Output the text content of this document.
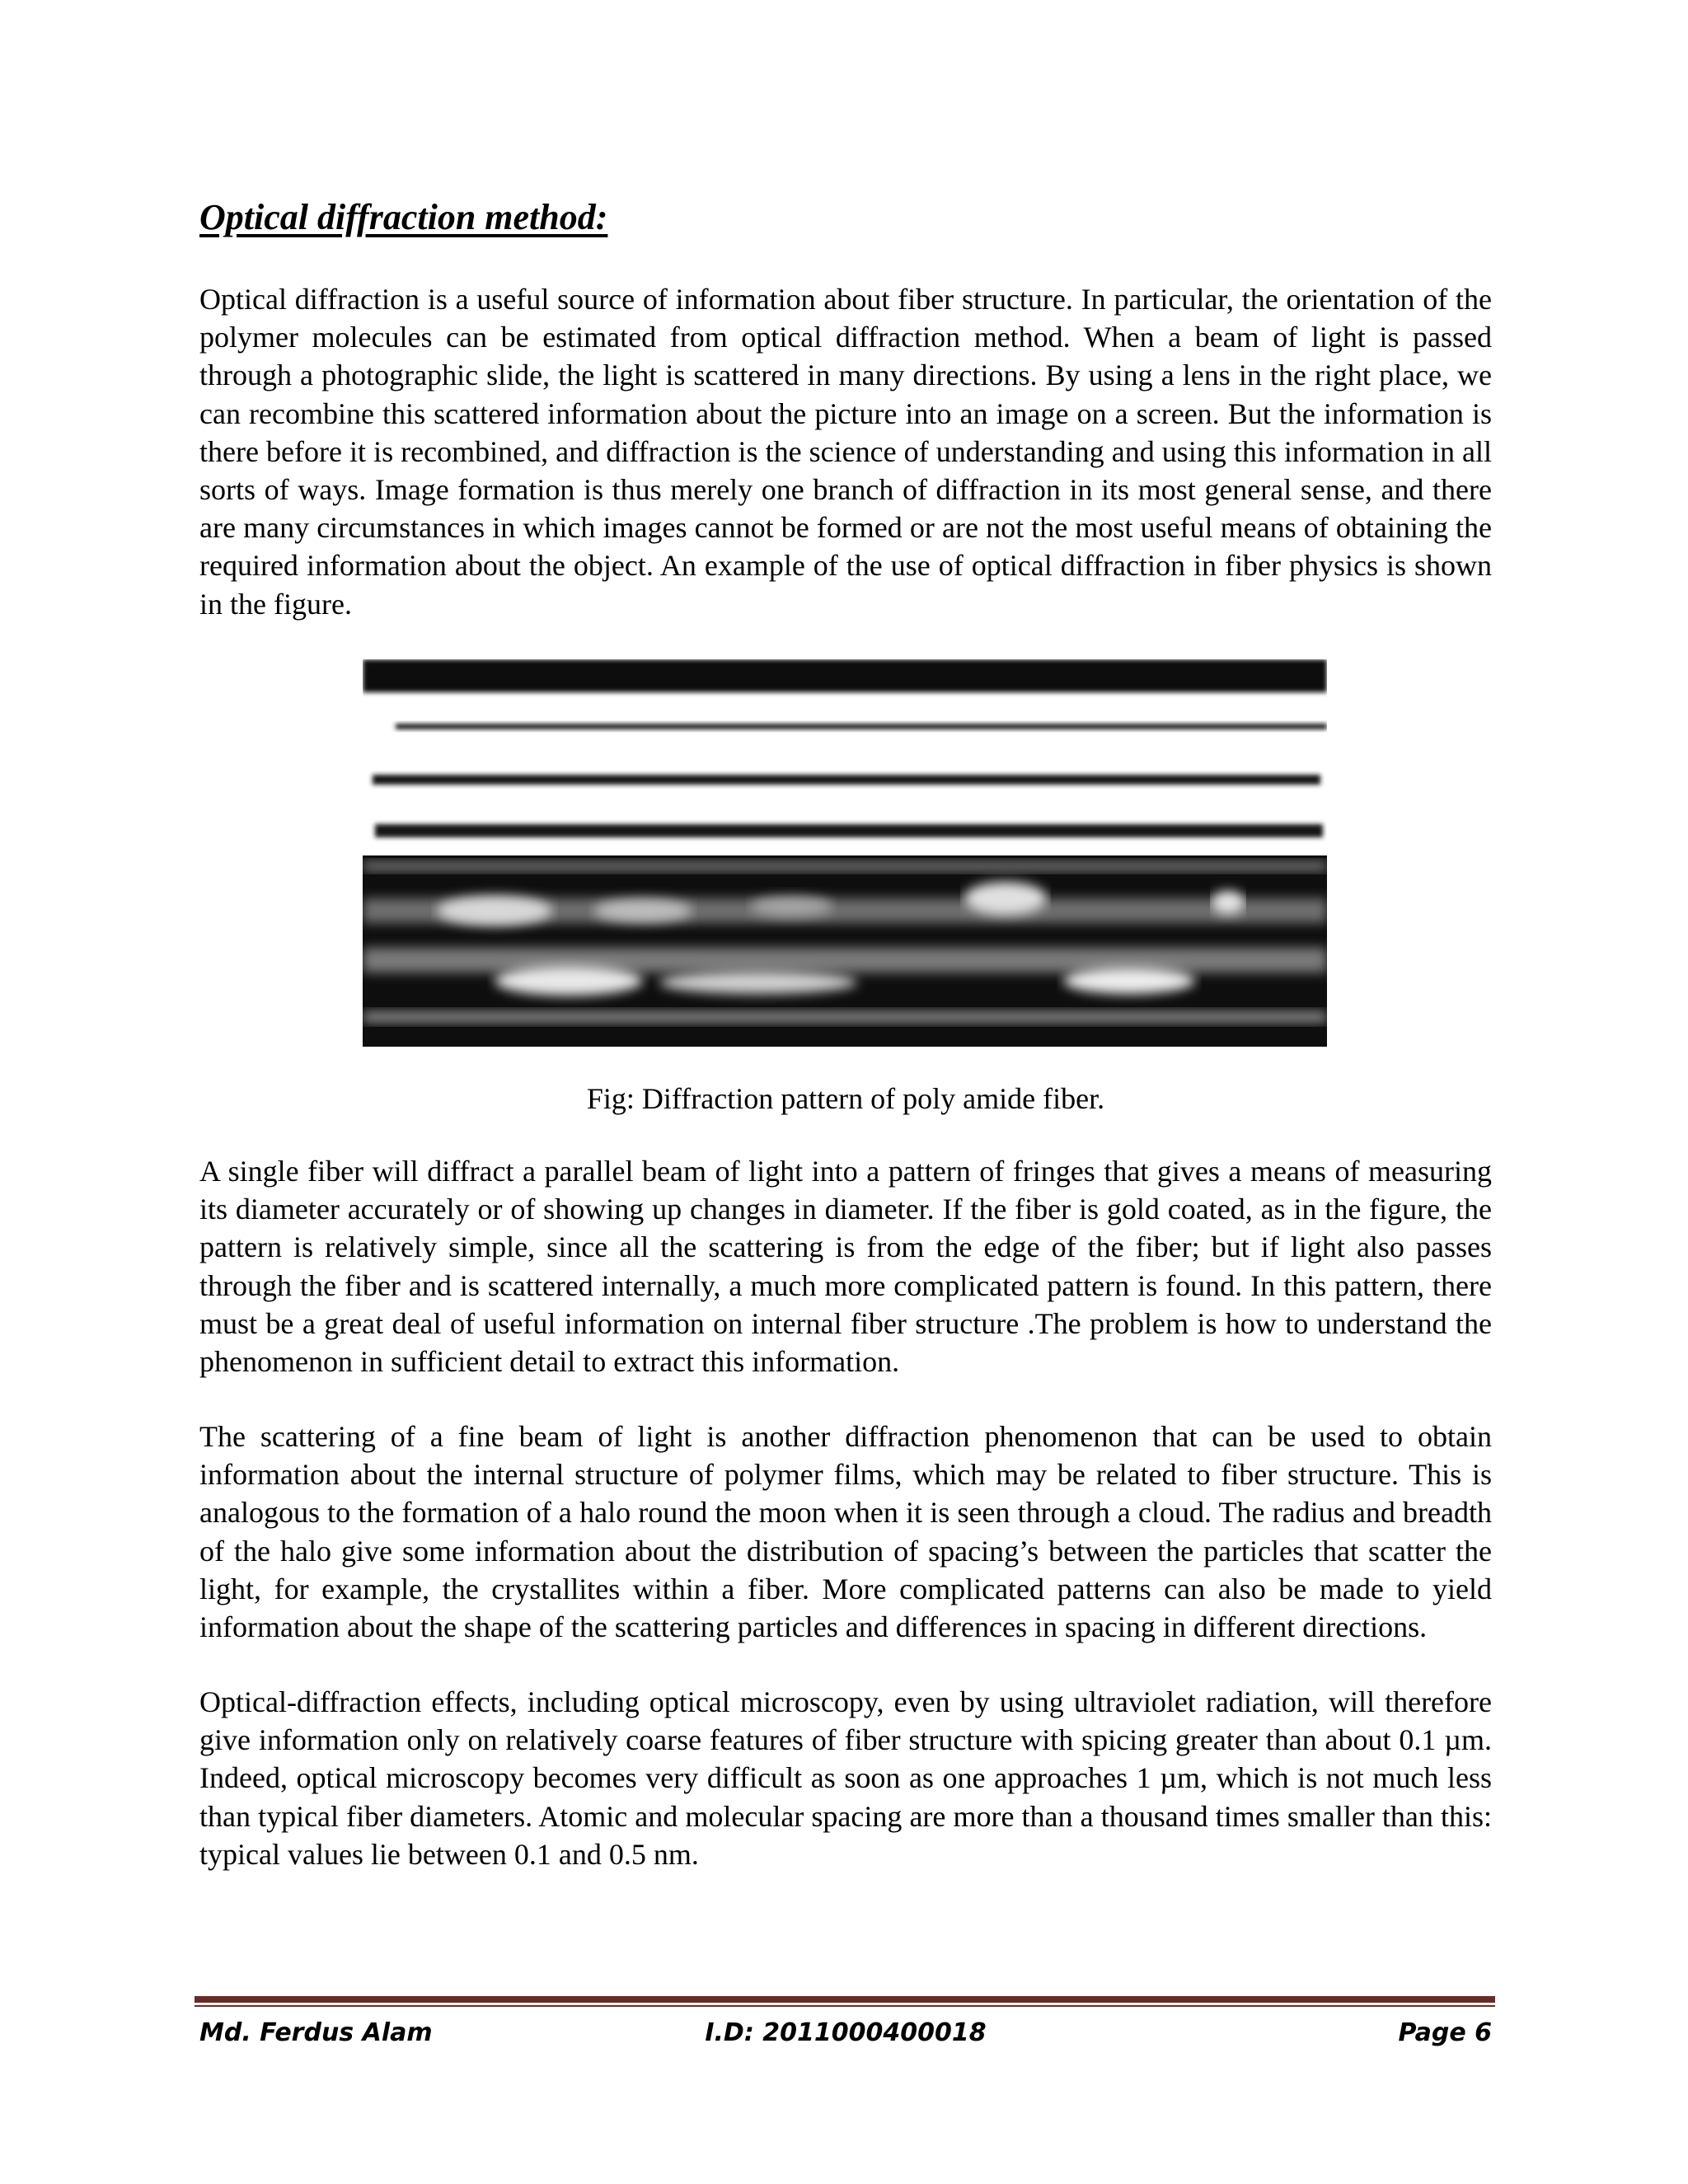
Optical diffraction method:

Optical diffraction is a useful source of information about fiber structure. In particular, the orientation of the polymer molecules can be estimated from optical diffraction method. When a beam of light is passed through a photographic slide, the light is scattered in many directions. By using a lens in the right place, we can recombine this scattered information about the picture into an image on a screen. But the information is there before it is recombined, and diffraction is the science of understanding and using this information in all sorts of ways. Image formation is thus merely one branch of diffraction in its most general sense, and there are many circumstances in which images cannot be formed or are not the most useful means of obtaining the required information about the object. An example of the use of optical diffraction in fiber physics is shown in the figure.

Fig: Diffraction pattern of poly amide fiber.

A single fiber will diffract a parallel beam of light into a pattern of fringes that gives a means of measuring its diameter accurately or of showing up changes in diameter. If the fiber is gold coated, as in the figure, the pattern is relatively simple, since all the scattering is from the edge of the fiber; but if light also passes through the fiber and is scattered internally, a much more complicated pattern is found. In this pattern, there must be a great deal of useful information on internal fiber structure .The problem is how to understand the phenomenon in sufficient detail to extract this information.

The scattering of a fine beam of light is another diffraction phenomenon that can be used to obtain information about the internal structure of polymer films, which may be related to fiber structure. This is analogous to the formation of a halo round the moon when it is seen through a cloud. The radius and breadth of the halo give some information about the distribution of spacing’s between the particles that scatter the light, for example, the crystallites within a fiber. More complicated patterns can also be made to yield information about the shape of the scattering particles and differences in spacing in different directions.

Optical-diffraction effects, including optical microscopy, even by using ultraviolet radiation, will therefore give information only on relatively coarse features of fiber structure with spicing greater than about 0.1 µm. Indeed, optical microscopy becomes very difficult as soon as one approaches 1 µm, which is not much less than typical fiber diameters. Atomic and molecular spacing are more than a thousand times smaller than this: typical values lie between 0.1 and 0.5 nm.

Md. Ferdus Alam	I.D: 2011000400018	Page 6
